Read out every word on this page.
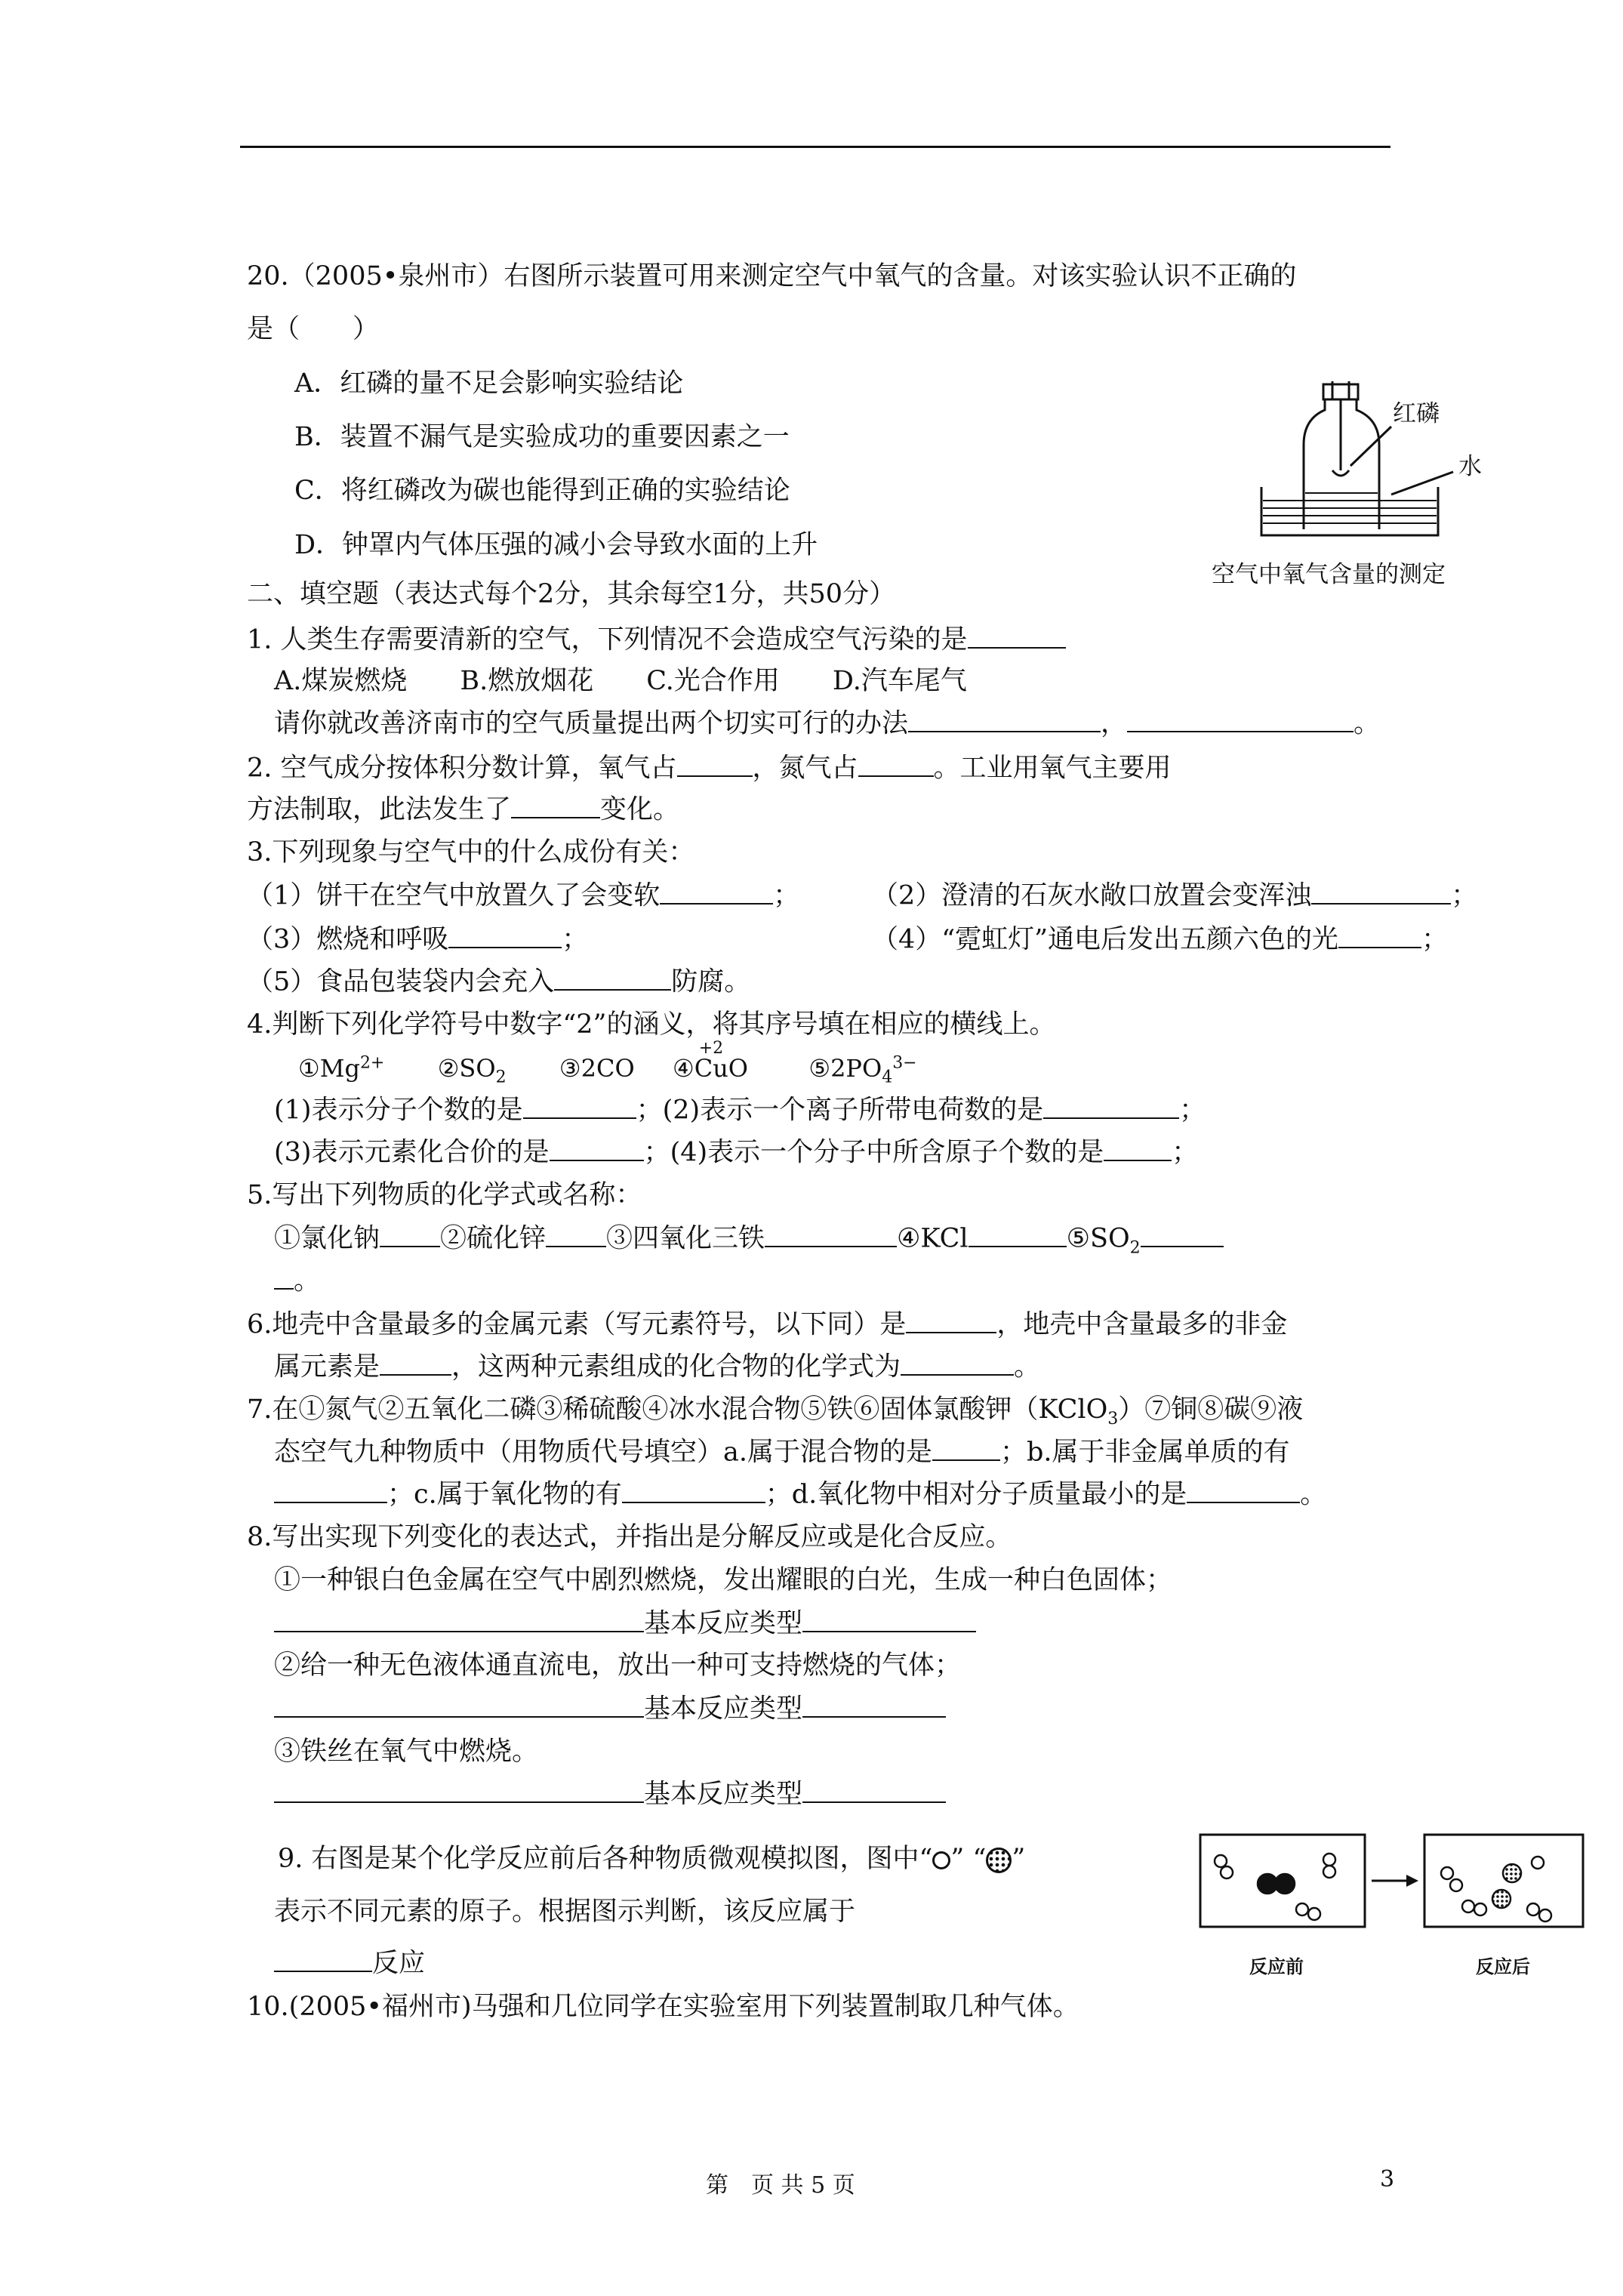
20.（2005•泉州市）右图所示装置可用来测定空气中氧气的含量。对该实验认识不正确的
是（　　）
A．红磷的量不足会影响实验结论
B．装置不漏气是实验成功的重要因素之一
C．将红磷改为碳也能得到正确的实验结论
D．钟罩内气体压强的减小会导致水面的上升
红磷
水
空气中氧气含量的测定
二、填空题（表达式每个2分，其余每空1分，共50分）
1. 人类生存需要清新的空气，下列情况不会造成空气污染的是
A.煤炭燃烧　　B.燃放烟花　　C.光合作用　　D.汽车尾气
请你就改善济南市的空气质量提出两个切实可行的办法	，	。
2. 空气成分按体积分数计算，氧气占	，氮气占	。工业用氧气主要用
方法制取，此法发生了	变化。
3.下列现象与空气中的什么成份有关：
（1）饼干在空气中放置久了会变软	；	（2）澄清的石灰水敞口放置会变浑浊	；
（3）燃烧和呼吸	；	（4）“霓虹灯”通电后发出五颜六色的光	；
（5）食品包装袋内会充入	防腐。
4.判断下列化学符号中数字“2”的涵义，将其序号填在相应的横线上。
$①Mg^{2+}$ $②SO_2$ ③2CO ④
+2
CuO	$⑤2PO_4^{3-}$
(1)表示分子个数的是	；(2)表示一个离子所带电荷数的是	；
(3)表示元素化合价的是	；(4)表示一个分子中所含原子个数的是	；
5.写出下列物质的化学式或名称：
①氯化钠 ②硫化锌 ③四氧化三铁	④KCl	$⑤SO_2$
。
6.地壳中含量最多的金属元素（写元素符号，以下同）是	，地壳中含量最多的非金
属元素是	，这两种元素组成的化合物的化学式为	。
7.在①氮气②五氧化二磷③稀硫酸④冰水混合物⑤铁⑥固体氯酸钾（KClO$_3$）⑦铜⑧碳⑨液
态空气九种物质中（用物质代号填空）a.属于混合物的是	；b.属于非金属单质的有
；c.属于氧化物的有	；d.氧化物中相对分子质量最小的是	。
8.写出实现下列变化的表达式，并指出是分解反应或是化合反应。
①一种银白色金属在空气中剧烈燃烧，发出耀眼的白光，生成一种白色固体；
基本反应类型
②给一种无色液体通直流电，放出一种可支持燃烧的气体；
基本反应类型
③铁丝在氧气中燃烧。
基本反应类型
9. 右图是某个化学反应前后各种物质微观模拟图，图中“ ” “ ”
表示不同元素的原子。根据图示判断，该反应属于
反应	反应前	反应后
10.(2005•福州市)马强和几位同学在实验室用下列装置制取几种气体。
第　页 共 5 页	3
